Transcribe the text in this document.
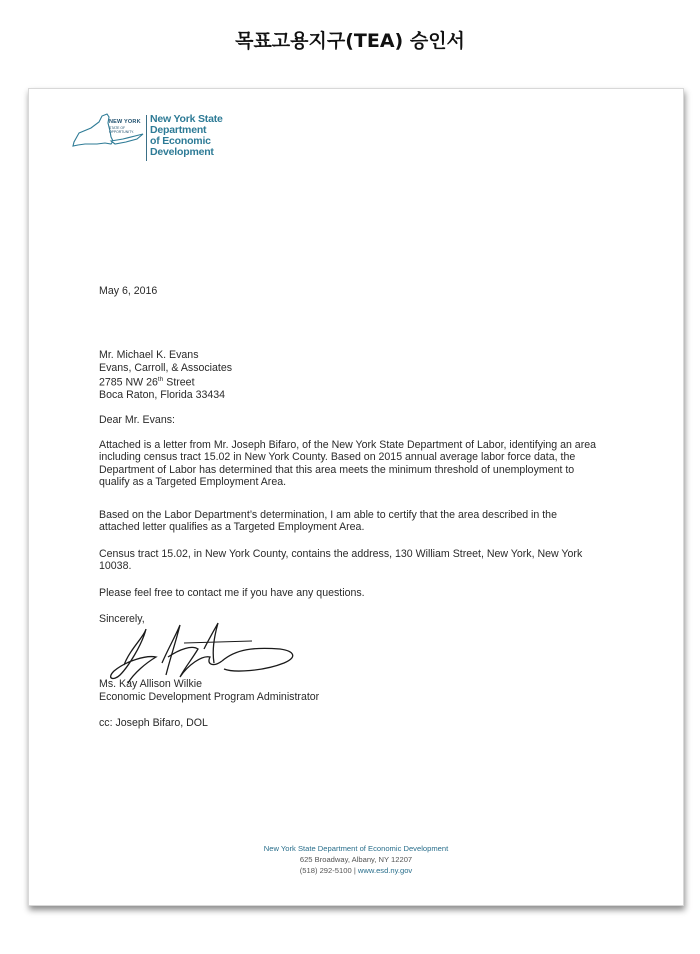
목표고용지구(TEA) 승인서
NEW YORK
STATE OF OPPORTUNITY.
New York State
Department
of Economic
Development
May 6, 2016
Mr. Michael K. Evans
Evans, Carroll, & Associates
2785 NW 26th Street
Boca Raton, Florida 33434
Dear Mr. Evans:
Attached is a letter from Mr. Joseph Bifaro, of the New York State Department of Labor, identifying an area including census tract 15.02 in New York County. Based on 2015 annual average labor force data, the Department of Labor has determined that this area meets the minimum threshold of unemployment to qualify as a Targeted Employment Area.
Based on the Labor Department’s determination, I am able to certify that the area described in the attached letter qualifies as a Targeted Employment Area.
Census tract 15.02, in New York County, contains the address, 130 William Street, New York, New York 10038.
Please feel free to contact me if you have any questions.
Sincerely,
Ms. Kay Allison Wilkie
Economic Development Program Administrator
cc: Joseph Bifaro, DOL
New York State Department of Economic Development
625 Broadway, Albany, NY 12207
(518) 292-5100 | www.esd.ny.gov
